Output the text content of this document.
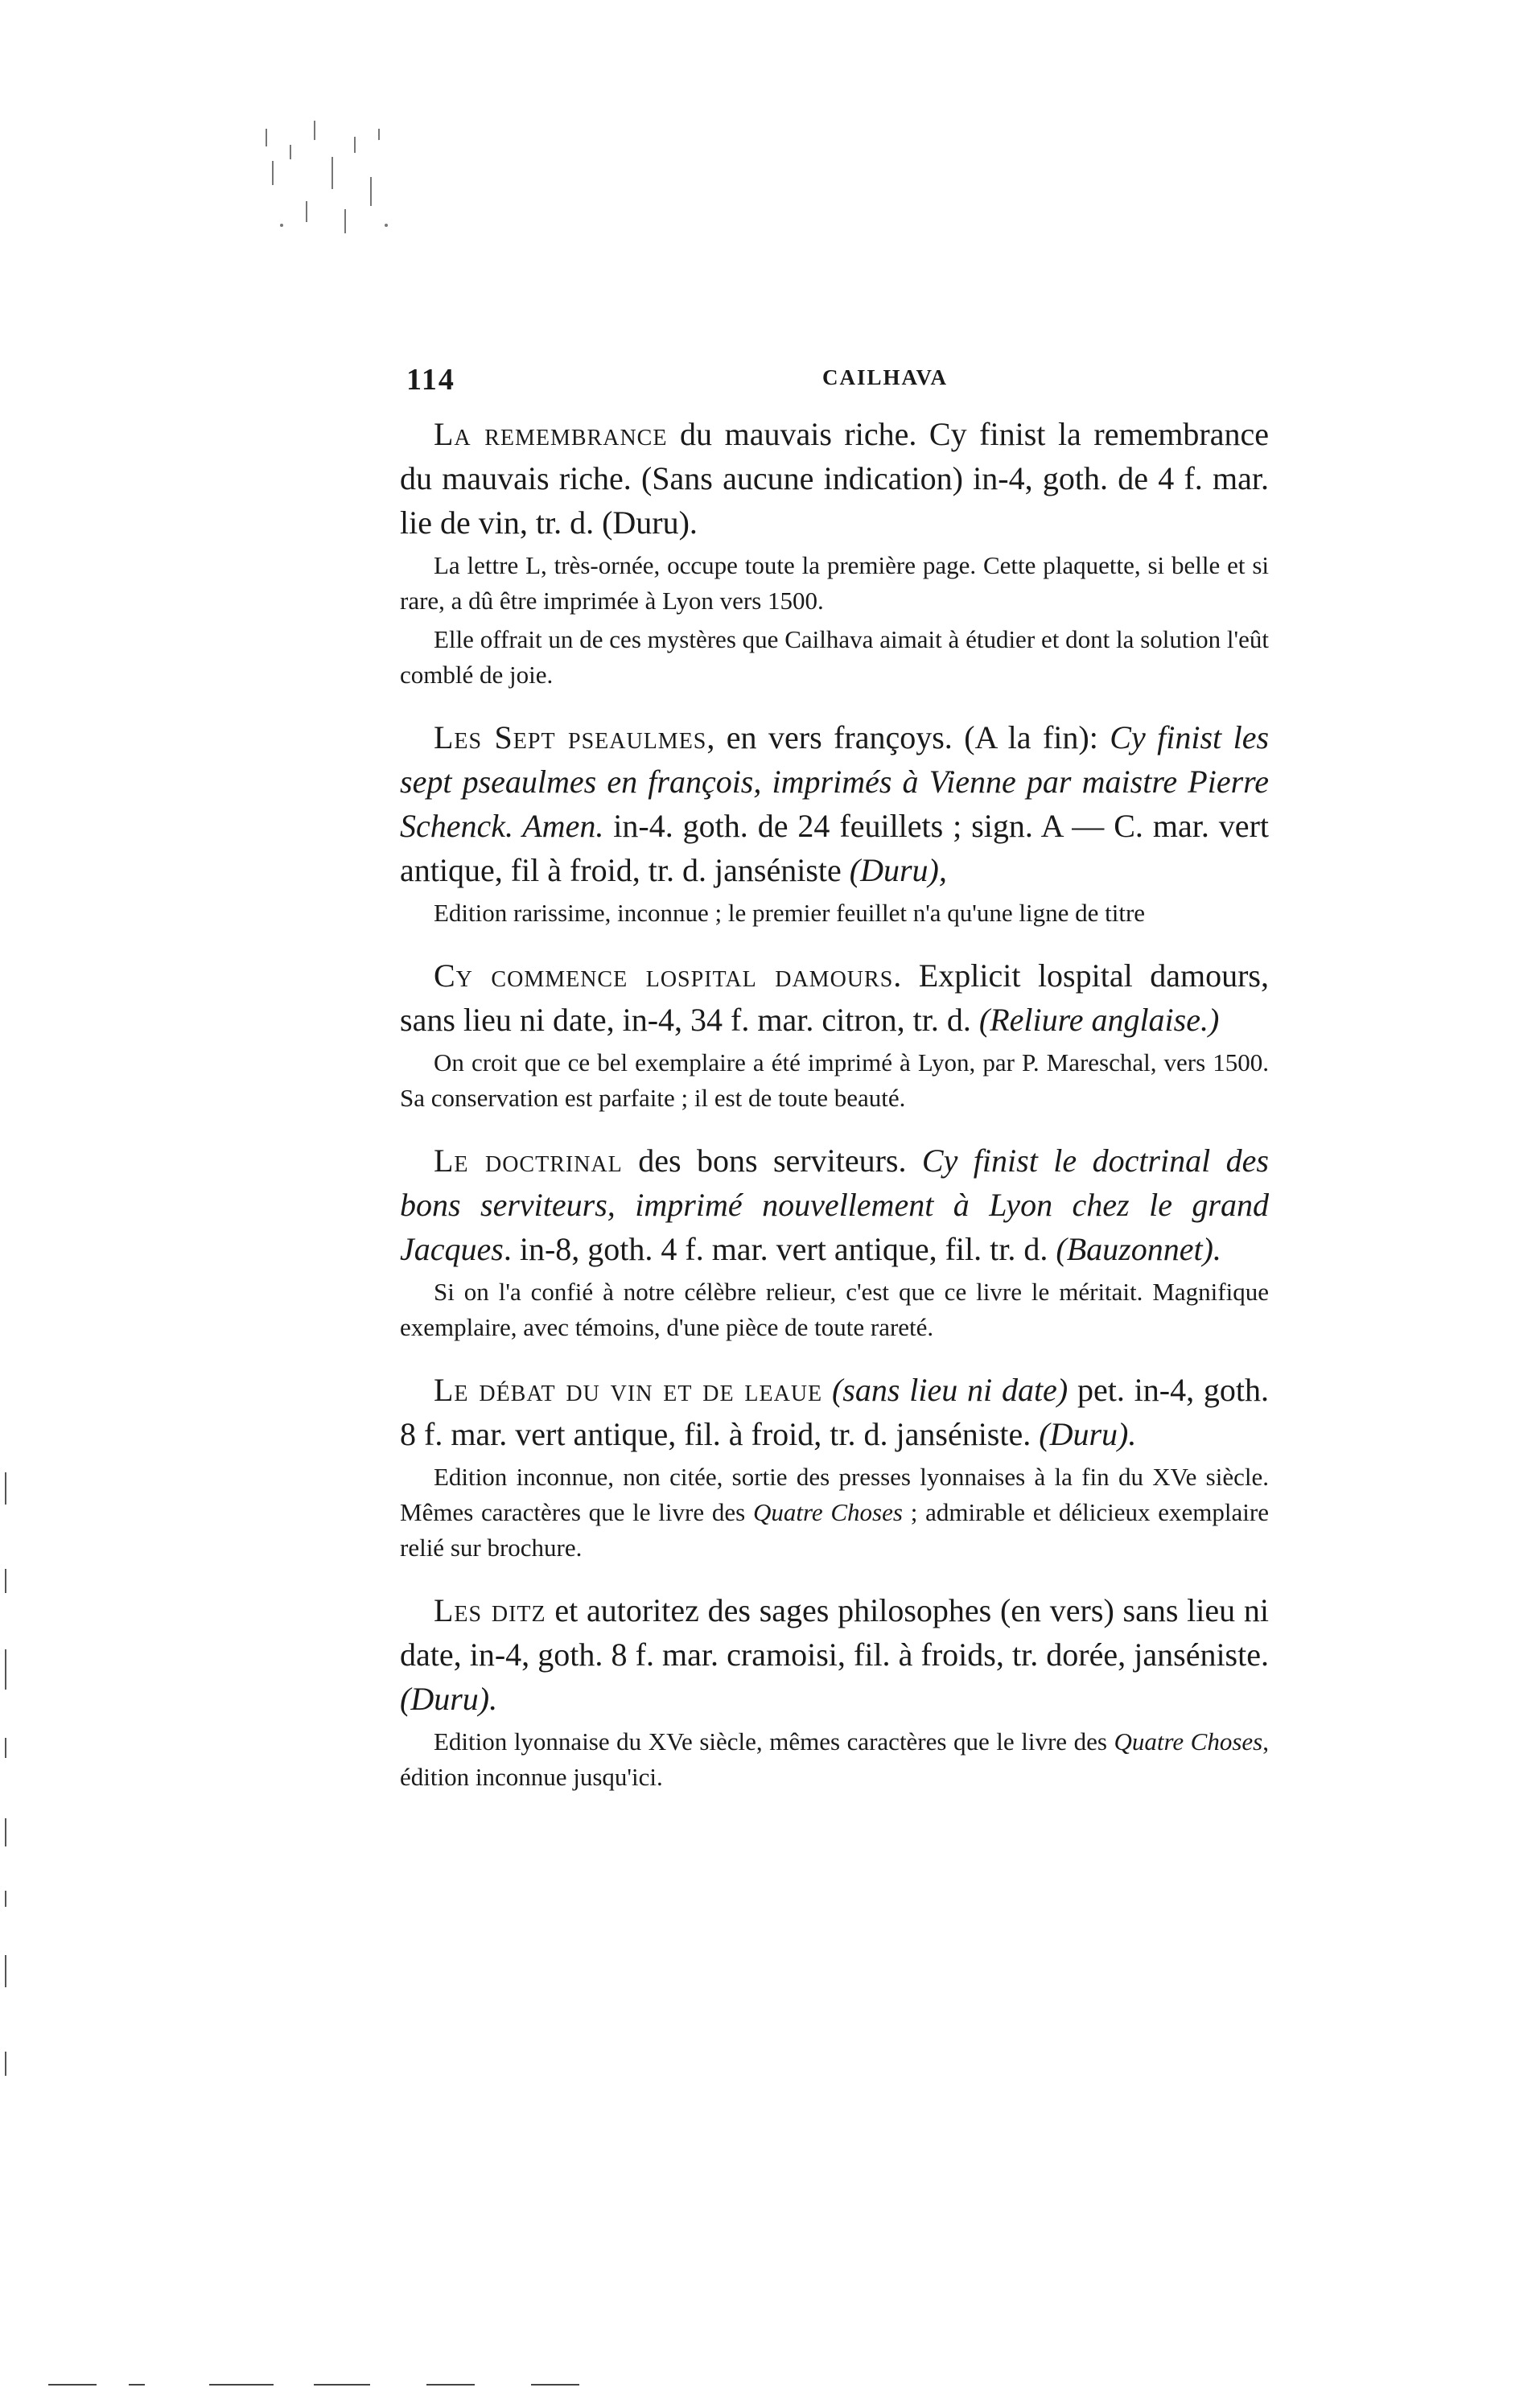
114	CAILHAVA

La remembrance du mauvais riche. Cy finist la remembrance du mauvais riche. (Sans aucune indication) in-4, goth. de 4 f. mar. lie de vin, tr. d. (Duru).

La lettre L, très-ornée, occupe toute la première page. Cette plaquette, si belle et si rare, a dû être imprimée à Lyon vers 1500.

Elle offrait un de ces mystères que Cailhava aimait à étudier et dont la solution l'eût comblé de joie.

Les Sept pseaulmes, en vers françoys. (A la fin): Cy finist les sept pseaulmes en françois, imprimés à Vienne par maistre Pierre Schenck. Amen. in-4. goth. de 24 feuillets ; sign. A — C. mar. vert antique, fil à froid, tr. d. janséniste (Duru),

Edition rarissime, inconnue ; le premier feuillet n'a qu'une ligne de titre

Cy commence lospital damours. Explicit lospital damours, sans lieu ni date, in-4, 34 f. mar. citron, tr. d. (Reliure anglaise.)

On croit que ce bel exemplaire a été imprimé à Lyon, par P. Mareschal, vers 1500. Sa conservation est parfaite ; il est de toute beauté.

Le doctrinal des bons serviteurs. Cy finist le doctrinal des bons serviteurs, imprimé nouvellement à Lyon chez le grand Jacques. in-8, goth. 4 f. mar. vert antique, fil. tr. d. (Bauzonnet).

Si on l'a confié à notre célèbre relieur, c'est que ce livre le méritait. Magnifique exemplaire, avec témoins, d'une pièce de toute rareté.

Le débat du vin et de leaue (sans lieu ni date) pet. in-4, goth. 8 f. mar. vert antique, fil. à froid, tr. d. janséniste. (Duru).

Edition inconnue, non citée, sortie des presses lyonnaises à la fin du XVe siècle. Mêmes caractères que le livre des Quatre Choses ; admirable et délicieux exemplaire relié sur brochure.

Les ditz et autoritez des sages philosophes (en vers) sans lieu ni date, in-4, goth. 8 f. mar. cramoisi, fil. à froids, tr. dorée, janséniste. (Duru).

Edition lyonnaise du XVe siècle, mêmes caractères que le livre des Quatre Choses, édition inconnue jusqu'ici.
